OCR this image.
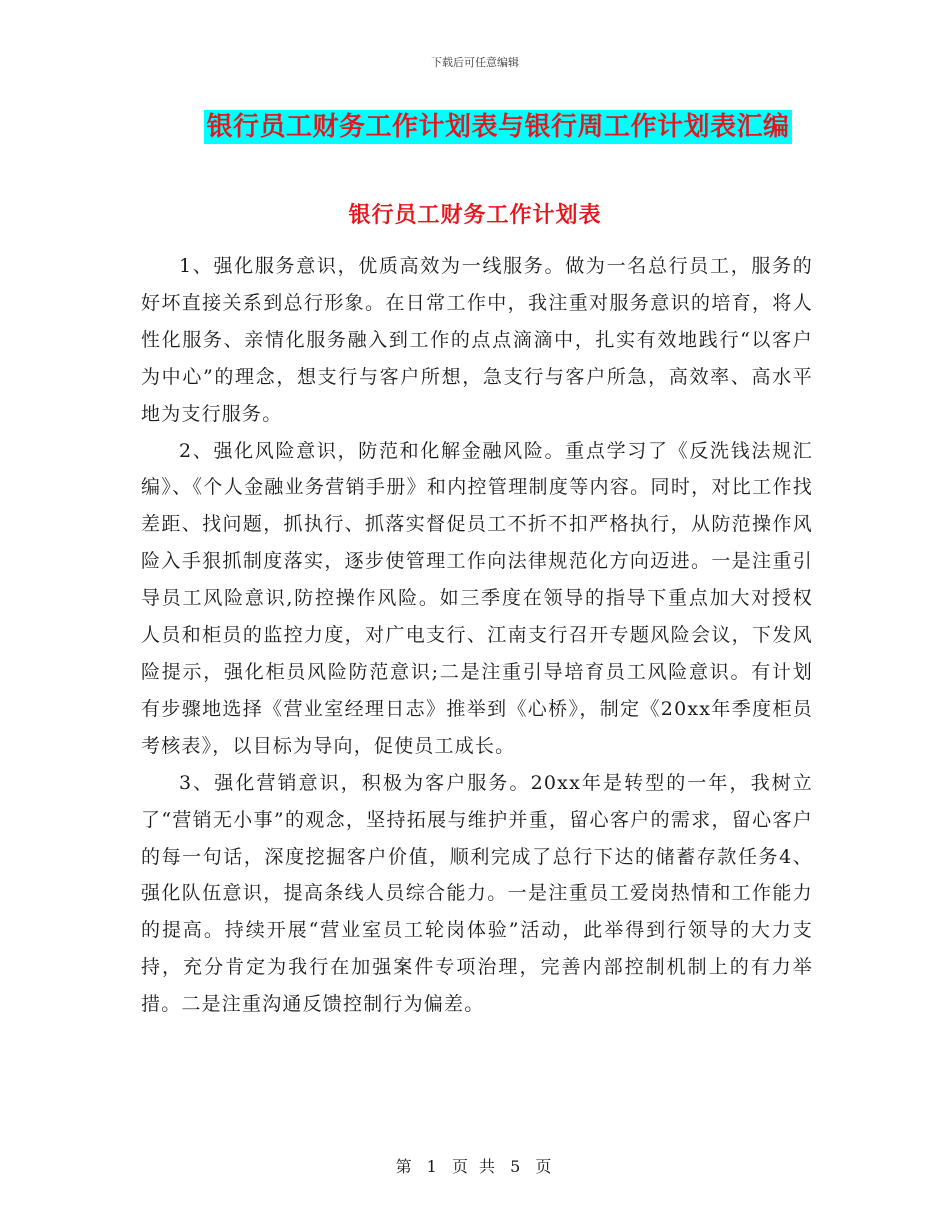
下载后可任意编辑
银行员工财务工作计划表与银行周工作计划表汇编
银行员工财务工作计划表

1、强化服务意识，优质高效为一线服务。做为一名总行员工，服务的好坏直接关系到总行形象。在日常工作中，我注重对服务意识的培育，将人性化服务、亲情化服务融入到工作的点点滴滴中，扎实有效地践行“以客户为中心”的理念，想支行与客户所想，急支行与客户所急，高效率、高水平地为支行服务。

2、强化风险意识，防范和化解金融风险。重点学习了《反洗钱法规汇编》、《个人金融业务营销手册》和内控管理制度等内容。同时，对比工作找差距、找问题，抓执行、抓落实督促员工不折不扣严格执行，从防范操作风险入手狠抓制度落实，逐步使管理工作向法律规范化方向迈进。一是注重引导员工风险意识,防控操作风险。如三季度在领导的指导下重点加大对授权人员和柜员的监控力度，对广电支行、江南支行召开专题风险会议，下发风险提示，强化柜员风险防范意识;二是注重引导培育员工风险意识。有计划有步骤地选择《营业室经理日志》推举到《心桥》，制定《20xx年季度柜员考核表》，以目标为导向，促使员工成长。

3、强化营销意识，积极为客户服务。20xx年是转型的一年，我树立了“营销无小事”的观念，坚持拓展与维护并重，留心客户的需求，留心客户的每一句话，深度挖掘客户价值，顺利完成了总行下达的储蓄存款任务4、强化队伍意识，提高条线人员综合能力。一是注重员工爱岗热情和工作能力的提高。持续开展“营业室员工轮岗体验”活动，此举得到行领导的大力支持，充分肯定为我行在加强案件专项治理，完善内部控制机制上的有力举措。二是注重沟通反馈控制行为偏差。

第 1 页 共 5 页
